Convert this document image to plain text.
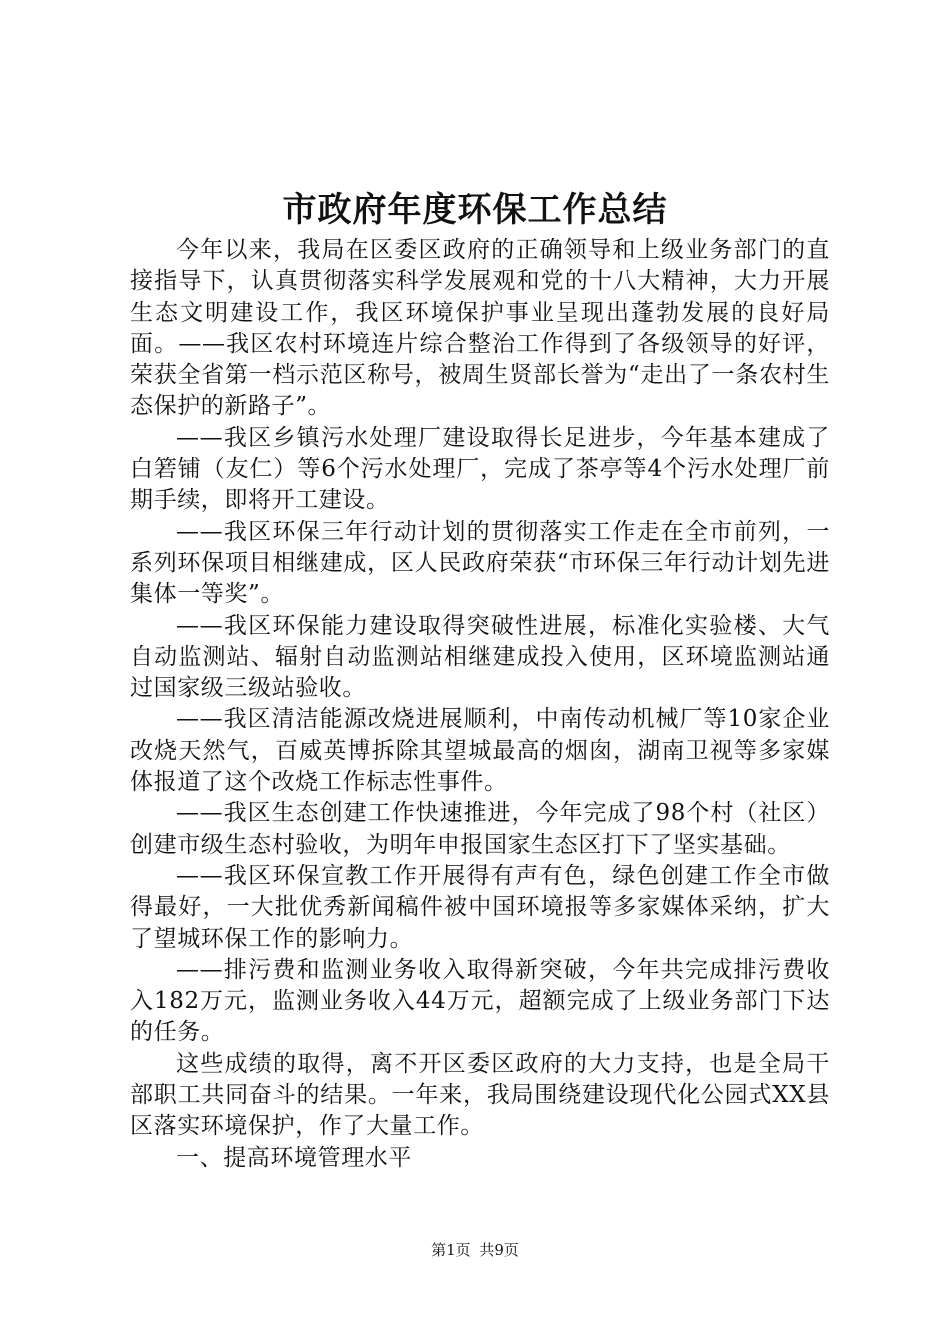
市政府年度环保工作总结

今年以来，我局在区委区政府的正确领导和上级业务部门的直接指导下，认真贯彻落实科学发展观和党的十八大精神，大力开展生态文明建设工作，我区环境保护事业呈现出蓬勃发展的良好局面。——我区农村环境连片综合整治工作得到了各级领导的好评，荣获全省第一档示范区称号，被周生贤部长誉为“走出了一条农村生态保护的新路子”。

——我区乡镇污水处理厂建设取得长足进步，今年基本建成了白箬铺（友仁）等6个污水处理厂，完成了茶亭等4个污水处理厂前期手续，即将开工建设。

——我区环保三年行动计划的贯彻落实工作走在全市前列，一系列环保项目相继建成，区人民政府荣获“市环保三年行动计划先进集体一等奖”。

——我区环保能力建设取得突破性进展，标准化实验楼、大气自动监测站、辐射自动监测站相继建成投入使用，区环境监测站通过国家级三级站验收。

——我区清洁能源改烧进展顺利，中南传动机械厂等10家企业改烧天然气，百威英博拆除其望城最高的烟囱，湖南卫视等多家媒体报道了这个改烧工作标志性事件。

——我区生态创建工作快速推进，今年完成了98个村（社区）创建市级生态村验收，为明年申报国家生态区打下了坚实基础。

——我区环保宣教工作开展得有声有色，绿色创建工作全市做得最好，一大批优秀新闻稿件被中国环境报等多家媒体采纳，扩大了望城环保工作的影响力。

——排污费和监测业务收入取得新突破，今年共完成排污费收入182万元，监测业务收入44万元，超额完成了上级业务部门下达的任务。

这些成绩的取得，离不开区委区政府的大力支持，也是全局干部职工共同奋斗的结果。一年来，我局围绕建设现代化公园式XX县区落实环境保护，作了大量工作。

一、提高环境管理水平

第1页 共9页
